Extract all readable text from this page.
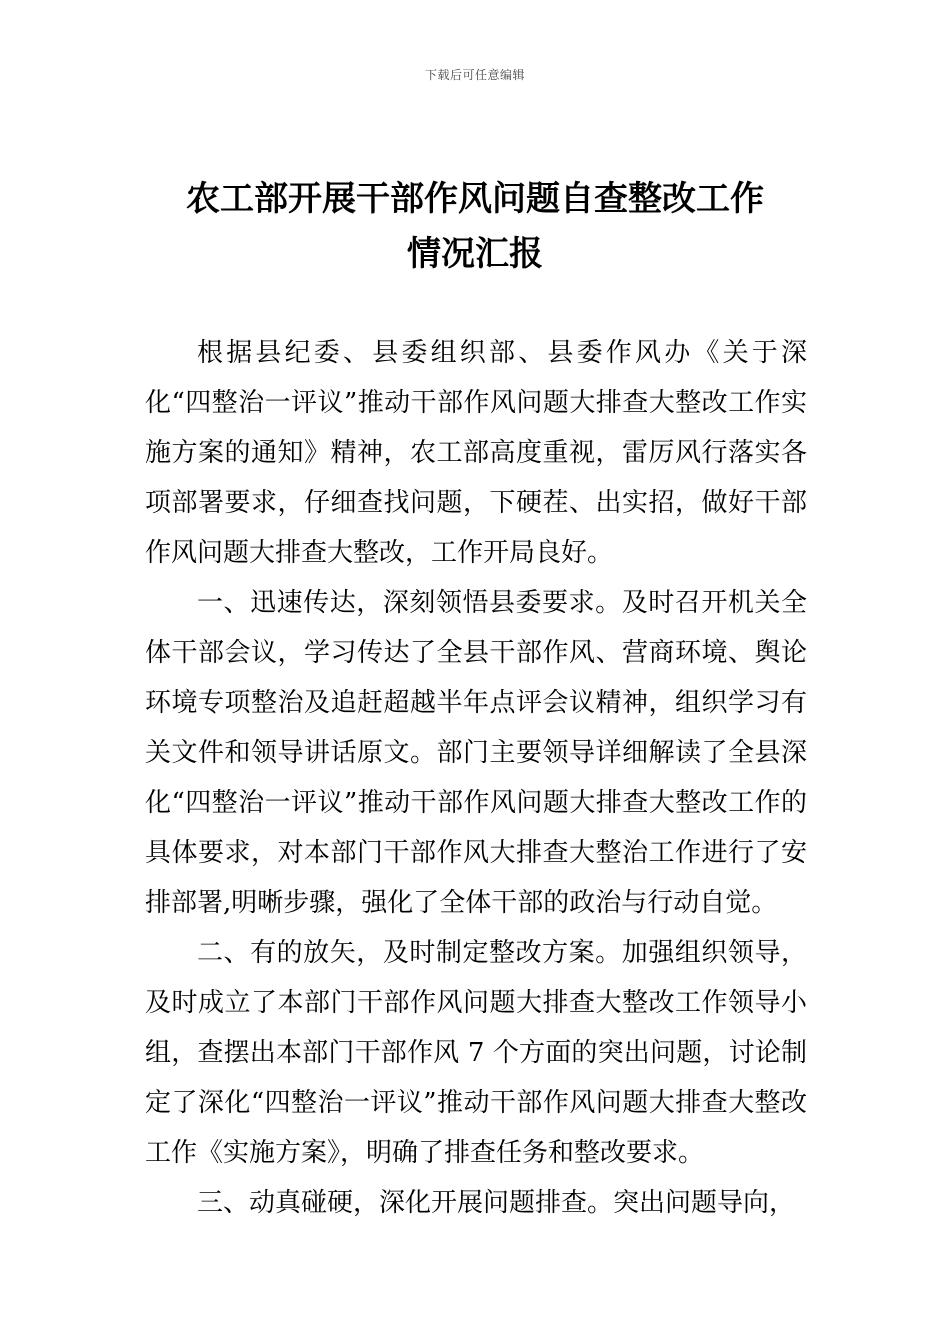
下载后可任意编辑
农工部开展干部作风问题自查整改工作
情况汇报

根据县纪委、县委组织部、县委作风办《关于深化“四整治一评议”推动干部作风问题大排查大整改工作实施方案的通知》精神，农工部高度重视，雷厉风行落实各项部署要求，仔细查找问题，下硬茬、出实招，做好干部作风问题大排查大整改，工作开局良好。

一、迅速传达，深刻领悟县委要求。及时召开机关全体干部会议，学习传达了全县干部作风、营商环境、舆论环境专项整治及追赶超越半年点评会议精神，组织学习有关文件和领导讲话原文。部门主要领导详细解读了全县深化“四整治一评议”推动干部作风问题大排查大整改工作的具体要求，对本部门干部作风大排查大整治工作进行了安排部署,明晰步骤，强化了全体干部的政治与行动自觉。

二、有的放矢，及时制定整改方案。加强组织领导，及时成立了本部门干部作风问题大排查大整改工作领导小组，查摆出本部门干部作风 7 个方面的突出问题，讨论制定了深化“四整治一评议”推动干部作风问题大排查大整改工作《实施方案》，明确了排查任务和整改要求。

三、动真碰硬，深化开展问题排查。突出问题导向，
